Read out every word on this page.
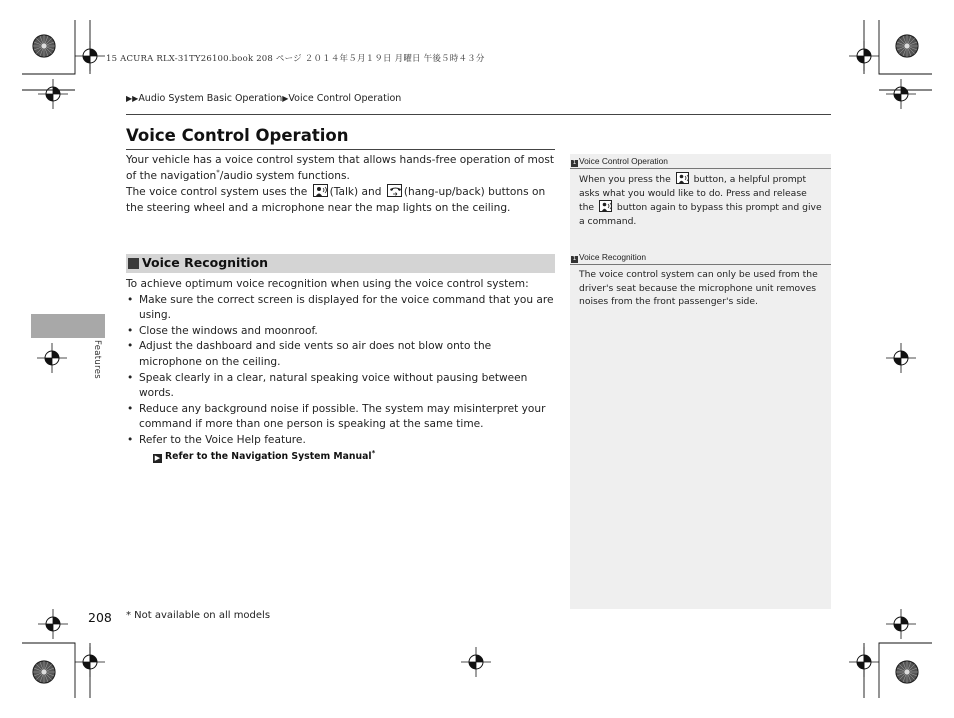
15 ACURA RLX-31TY26100.book 208 ページ ２０１４年５月１９日 月曜日 午後５時４３分
▶▶Audio System Basic Operation▶Voice Control Operation
Voice Control Operation

Your vehicle has a voice control system that allows hands-free operation of most of the navigation*/audio system functions.

The voice control system uses the (Talk) and (hang-up/back) buttons on the steering wheel and a microphone near the map lights on the ceiling.

Voice Recognition

To achieve optimum voice recognition when using the voice control system:

• Make sure the correct screen is displayed for the voice command that you are using.
• Close the windows and moonroof.
• Adjust the dashboard and side vents so air does not blow onto the microphone on the ceiling.
• Speak clearly in a clear, natural speaking voice without pausing between words.
• Reduce any background noise if possible. The system may misinterpret your command if more than one person is speaking at the same time.
• Refer to the Voice Help feature.
▶ Refer to the Navigation System Manual*
Features
1 Voice Control Operation
When you press the button, a helpful prompt asks what you would like to do. Press and release the button again to bypass this prompt and give a command.
1 Voice Recognition
The voice control system can only be used from the driver's seat because the microphone unit removes noises from the front passenger's side.
208 * Not available on all models
